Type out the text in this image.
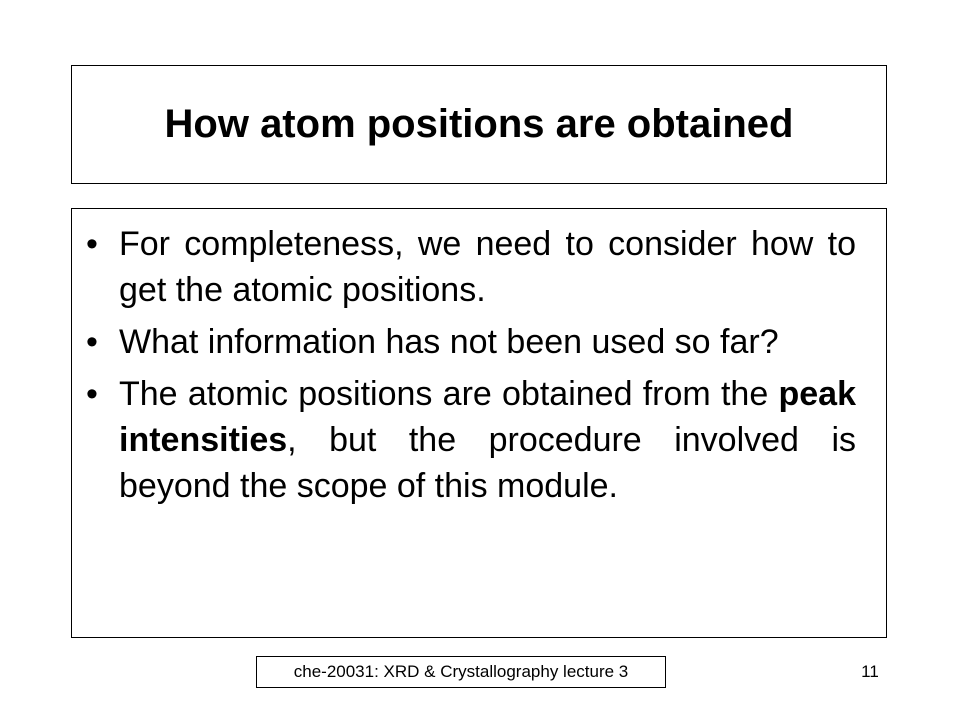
How atom positions are obtained
• For completeness, we need to consider how to get the atomic positions.
• What information has not been used so far?
• The atomic positions are obtained from the peak intensities, but the procedure involved is beyond the scope of this module.
che-20031: XRD & Crystallography lecture 3	11
